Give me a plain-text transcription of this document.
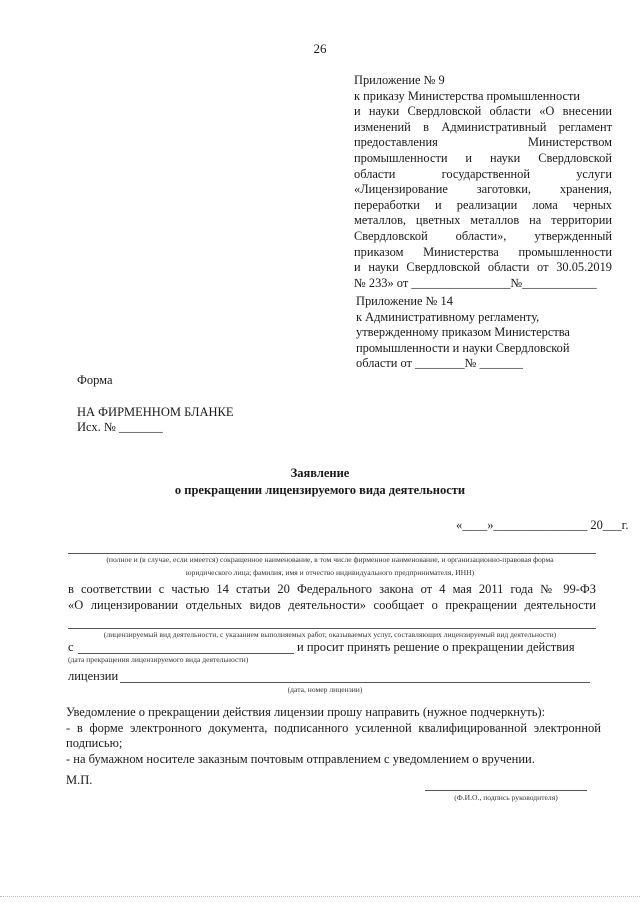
26
Приложение № 9
к приказу Министерства промышленности
и науки Свердловской области «О внесении
изменений в Административный регламент
предоставления Министерством
промышленности и науки Свердловской
области государственной услуги
«Лицензирование заготовки, хранения,
переработки и реализации лома черных
металлов, цветных металлов на территории
Свердловской области», утвержденный
приказом Министерства промышленности
и науки Свердловской области от 30.05.2019
№ 233» от ________________№____________
Приложение № 14
к Административному регламенту,
утвержденному приказом Министерства
промышленности и науки Свердловской
области от ________№ _______
Форма
НА ФИРМЕННОМ БЛАНКЕ
Исх. № _______
Заявление
о прекращении лицензируемого вида деятельности
«____»_______________ 20___г.
(полное и (в случае, если имеется) сокращенное наименование, в том числе фирменное наименование, и организационно-правовая форма
юридического лица; фамилия, имя и отчество индивидуального предпринимателя, ИНН)
в соответствии с частью 14 статьи 20 Федерального закона от 4 мая 2011 года № 99-ФЗ
«О лицензировании отдельных видов деятельности» сообщает о прекращении деятельности
(лицензируемый вид деятельности, с указанием выполняемых работ, оказываемых услуг, составляющих лицензируемый вид деятельности)
с	и просит принять решение о прекращении действия
(дата прекращения лицензируемого вида деятельности)
лицензии
(дата, номер лицензии)
Уведомление о прекращении действия лицензии прошу направить (нужное подчеркнуть):
- в форме электронного документа, подписанного усиленной квалифицированной электронной
подписью;
- на бумажном носителе заказным почтовым отправлением с уведомлением о вручении.
М.П.
(Ф.И.О., подпись руководителя)
